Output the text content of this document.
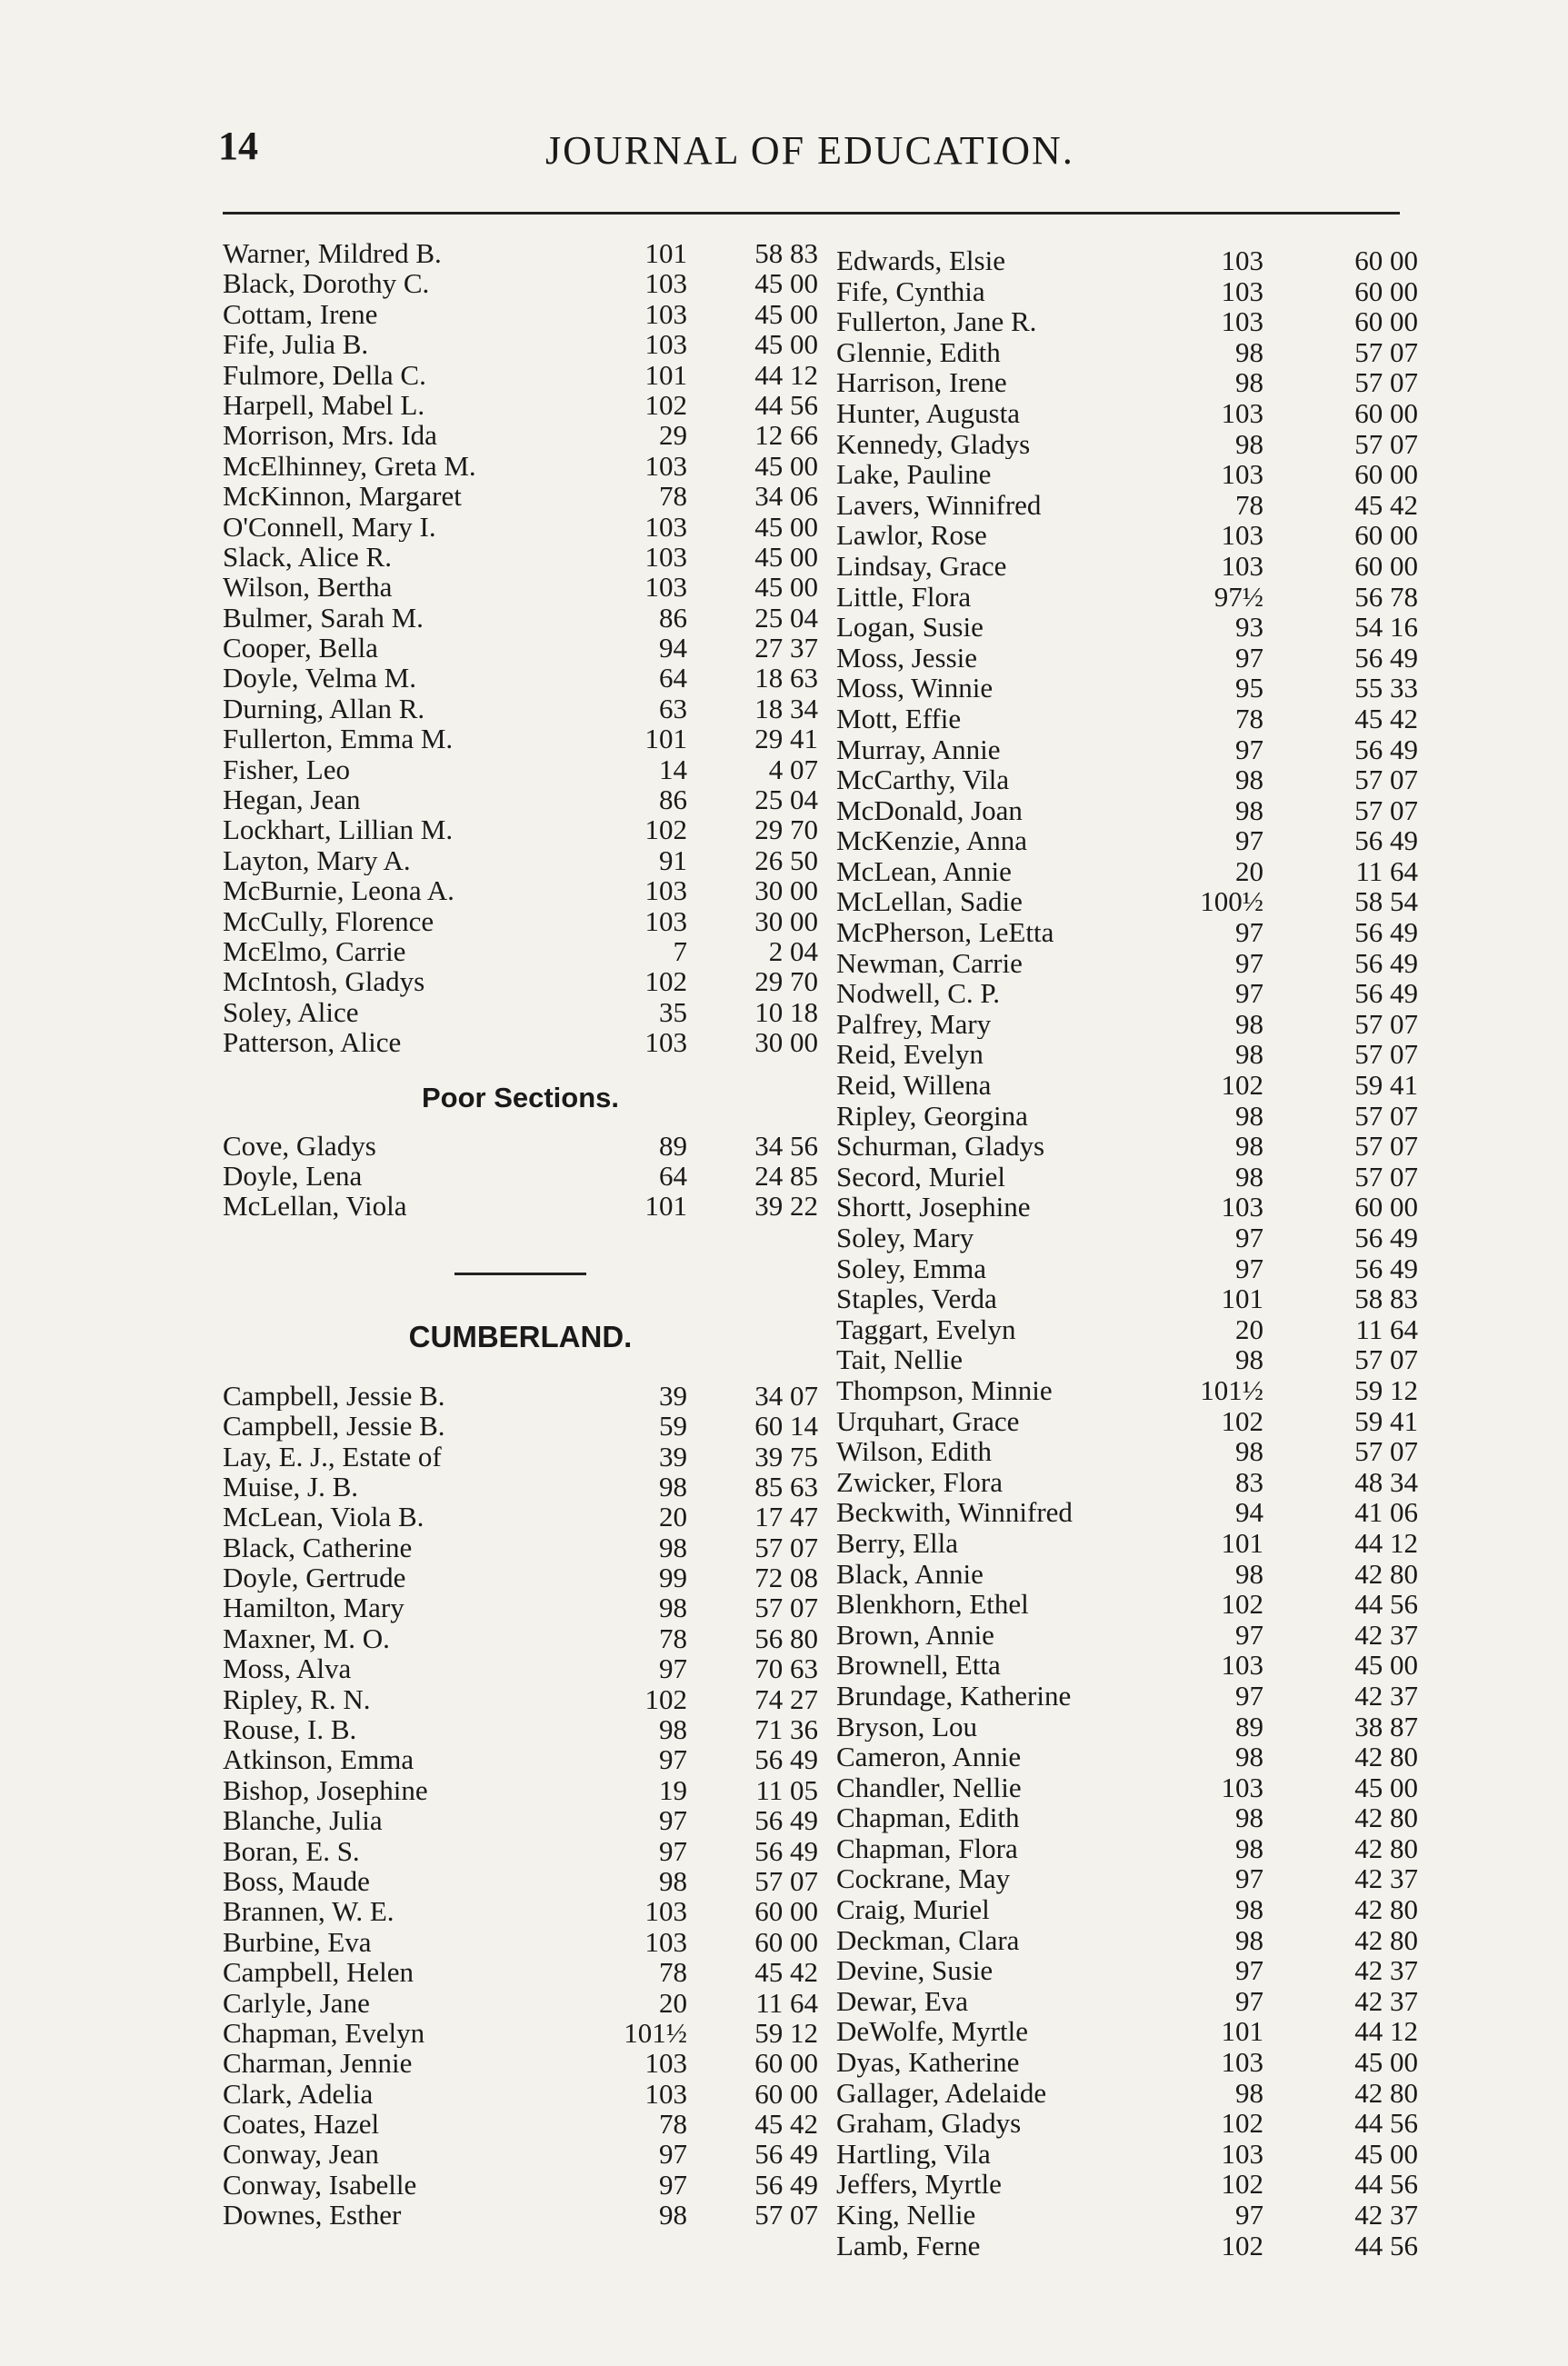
14	JOURNAL OF EDUCATION.
Warner, Mildred B.	101	58 83
Black, Dorothy C.	103	45 00
Cottam, Irene	103	45 00
Fife, Julia B.	103	45 00
Fulmore, Della C.	101	44 12
Harpell, Mabel L.	102	44 56
Morrison, Mrs. Ida	29	12 66
McElhinney, Greta M.	103	45 00
McKinnon, Margaret	78	34 06
O'Connell, Mary I.	103	45 00
Slack, Alice R.	103	45 00
Wilson, Bertha	103	45 00
Bulmer, Sarah M.	86	25 04
Cooper, Bella	94	27 37
Doyle, Velma M.	64	18 63
Durning, Allan R.	63	18 34
Fullerton, Emma M.	101	29 41
Fisher, Leo	14	4 07
Hegan, Jean	86	25 04
Lockhart, Lillian M.	102	29 70
Layton, Mary A.	91	26 50
McBurnie, Leona A.	103	30 00
McCully, Florence	103	30 00
McElmo, Carrie	7	2 04
McIntosh, Gladys	102	29 70
Soley, Alice	35	10 18
Patterson, Alice	103	30 00
Poor Sections.
Cove, Gladys	89	34 56
Doyle, Lena	64	24 85
McLellan, Viola	101	39 22
CUMBERLAND.
Campbell, Jessie B.	39	34 07
Campbell, Jessie B.	59	60 14
Lay, E. J., Estate of	39	39 75
Muise, J. B.	98	85 63
McLean, Viola B.	20	17 47
Black, Catherine	98	57 07
Doyle, Gertrude	99	72 08
Hamilton, Mary	98	57 07
Maxner, M. O.	78	56 80
Moss, Alva	97	70 63
Ripley, R. N.	102	74 27
Rouse, I. B.	98	71 36
Atkinson, Emma	97	56 49
Bishop, Josephine	19	11 05
Blanche, Julia	97	56 49
Boran, E. S.	97	56 49
Boss, Maude	98	57 07
Brannen, W. E.	103	60 00
Burbine, Eva	103	60 00
Campbell, Helen	78	45 42
Carlyle, Jane	20	11 64
Chapman, Evelyn	101½	59 12
Charman, Jennie	103	60 00
Clark, Adelia	103	60 00
Coates, Hazel	78	45 42
Conway, Jean	97	56 49
Conway, Isabelle	97	56 49
Downes, Esther	98	57 07
Edwards, Elsie	103	60 00
Fife, Cynthia	103	60 00
Fullerton, Jane R.	103	60 00
Glennie, Edith	98	57 07
Harrison, Irene	98	57 07
Hunter, Augusta	103	60 00
Kennedy, Gladys	98	57 07
Lake, Pauline	103	60 00
Lavers, Winnifred	78	45 42
Lawlor, Rose	103	60 00
Lindsay, Grace	103	60 00
Little, Flora	97½	56 78
Logan, Susie	93	54 16
Moss, Jessie	97	56 49
Moss, Winnie	95	55 33
Mott, Effie	78	45 42
Murray, Annie	97	56 49
McCarthy, Vila	98	57 07
McDonald, Joan	98	57 07
McKenzie, Anna	97	56 49
McLean, Annie	20	11 64
McLellan, Sadie	100½	58 54
McPherson, LeEtta	97	56 49
Newman, Carrie	97	56 49
Nodwell, C. P.	97	56 49
Palfrey, Mary	98	57 07
Reid, Evelyn	98	57 07
Reid, Willena	102	59 41
Ripley, Georgina	98	57 07
Schurman, Gladys	98	57 07
Secord, Muriel	98	57 07
Shortt, Josephine	103	60 00
Soley, Mary	97	56 49
Soley, Emma	97	56 49
Staples, Verda	101	58 83
Taggart, Evelyn	20	11 64
Tait, Nellie	98	57 07
Thompson, Minnie	101½	59 12
Urquhart, Grace	102	59 41
Wilson, Edith	98	57 07
Zwicker, Flora	83	48 34
Beckwith, Winnifred	94	41 06
Berry, Ella	101	44 12
Black, Annie	98	42 80
Blenkhorn, Ethel	102	44 56
Brown, Annie	97	42 37
Brownell, Etta	103	45 00
Brundage, Katherine	97	42 37
Bryson, Lou	89	38 87
Cameron, Annie	98	42 80
Chandler, Nellie	103	45 00
Chapman, Edith	98	42 80
Chapman, Flora	98	42 80
Cockrane, May	97	42 37
Craig, Muriel	98	42 80
Deckman, Clara	98	42 80
Devine, Susie	97	42 37
Dewar, Eva	97	42 37
DeWolfe, Myrtle	101	44 12
Dyas, Katherine	103	45 00
Gallager, Adelaide	98	42 80
Graham, Gladys	102	44 56
Hartling, Vila	103	45 00
Jeffers, Myrtle	102	44 56
King, Nellie	97	42 37
Lamb, Ferne	102	44 56
